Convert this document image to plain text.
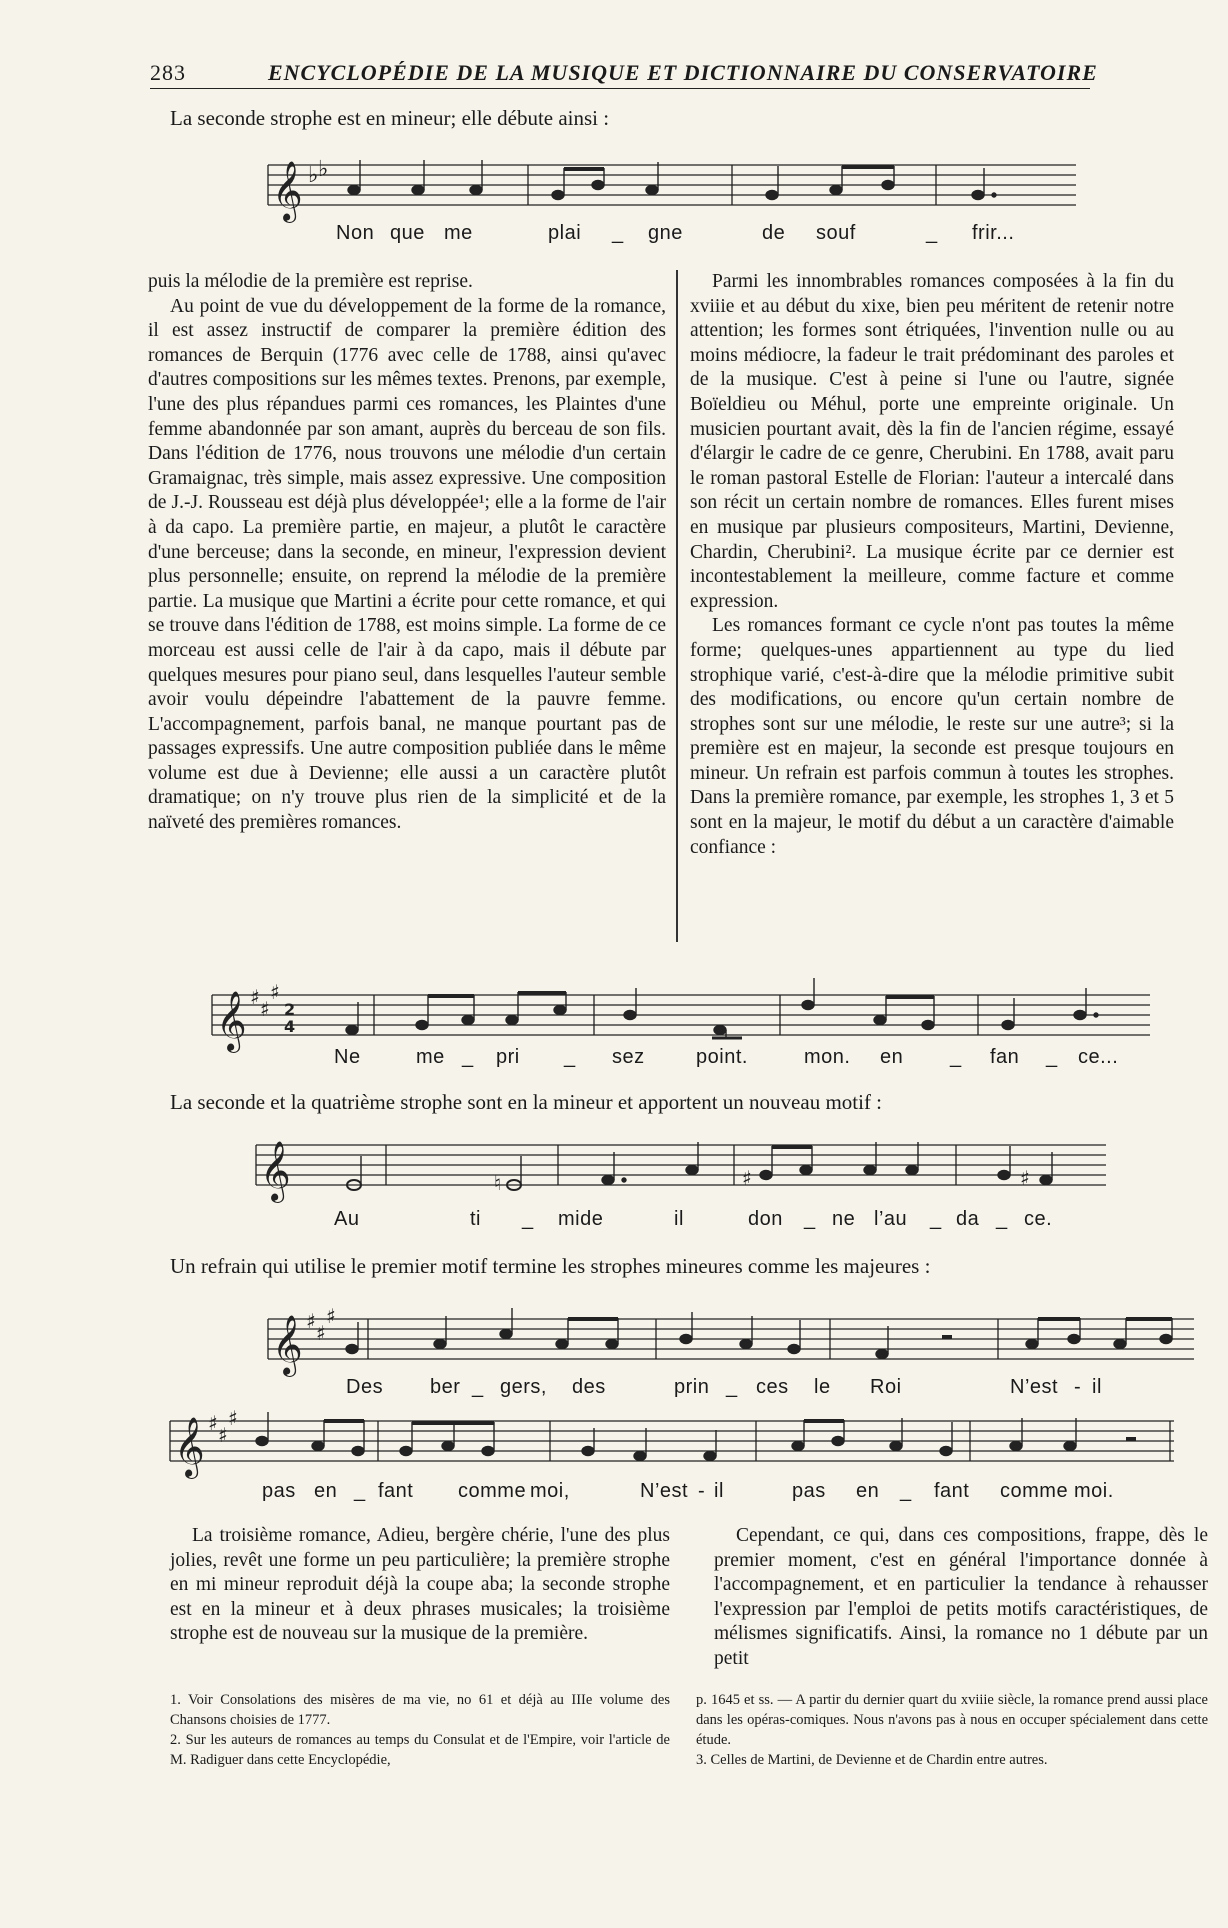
283	ENCYCLOPÉDIE DE LA MUSIQUE ET DICTIONNAIRE DU CONSERVATOIRE
La seconde strophe est en mineur; elle débute ainsi :
𝄞 ♭ ♭
Non que me	plai _ gne	de souf	_ frir...

puis la mélodie de la première est reprise.

Au point de vue du développement de la forme de la romance, il est assez instructif de comparer la première édition des romances de Berquin (1776 avec celle de 1788, ainsi qu'avec d'autres compositions sur les mêmes textes. Prenons, par exemple, l'une des plus répandues parmi ces romances, les Plaintes d'une femme abandonnée par son amant, auprès du berceau de son fils. Dans l'édition de 1776, nous trouvons une mélodie d'un certain Gramaignac, très simple, mais assez expressive. Une composition de J.-J. Rousseau est déjà plus développée¹; elle a la forme de l'air à da capo. La première partie, en majeur, a plutôt le caractère d'une berceuse; dans la seconde, en mineur, l'expression devient plus personnelle; ensuite, on reprend la mélodie de la première partie. La musique que Martini a écrite pour cette romance, et qui se trouve dans l'édition de 1788, est moins simple. La forme de ce morceau est aussi celle de l'air à da capo, mais il débute par quelques mesures pour piano seul, dans lesquelles l'auteur semble avoir voulu dépeindre l'abattement de la pauvre femme. L'accompagnement, parfois banal, ne manque pourtant pas de passages expressifs. Une autre composition publiée dans le même volume est due à Devienne; elle aussi a un caractère plutôt dramatique; on n'y trouve plus rien de la simplicité et de la naïveté des premières romances.

Parmi les innombrables romances composées à la fin du xviiie et au début du xixe, bien peu méritent de retenir notre attention; les formes sont étriquées, l'invention nulle ou au moins médiocre, la fadeur le trait prédominant des paroles et de la musique. C'est à peine si l'une ou l'autre, signée Boïeldieu ou Méhul, porte une empreinte originale. Un musicien pourtant avait, dès la fin de l'ancien régime, essayé d'élargir le cadre de ce genre, Cherubini. En 1788, avait paru le roman pastoral Estelle de Florian: l'auteur a intercalé dans son récit un certain nombre de romances. Elles furent mises en musique par plusieurs compositeurs, Martini, Devienne, Chardin, Cherubini². La musique écrite par ce dernier est incontestablement la meilleure, comme facture et comme expression.

Les romances formant ce cycle n'ont pas toutes la même forme; quelques-unes appartiennent au type du lied strophique varié, c'est-à-dire que la mélodie primitive subit des modifications, ou encore qu'un certain nombre de strophes sont sur une mélodie, le reste sur une autre³; si la première est en majeur, la seconde est presque toujours en mineur. Un refrain est parfois commun à toutes les strophes. Dans la première romance, par exemple, les strophes 1, 3 et 5 sont en la majeur, le motif du début a un caractère d'aimable confiance :

𝄞 ♯ ♯
♯
2
4
Ne	me _ pri _ sez	point.	mon. en _ fan _ ce...
La seconde et la quatrième strophe sont en la mineur et apportent un nouveau motif :
𝄞	♮	♯	♯
Au	ti _ mide	il	don _ ne l’au _ da _ ce.
Un refrain qui utilise le premier motif termine les strophes mineures comme les majeures :
𝄞 ♯ ♯
♯
Des ber _ gers, des	prin _ ces le Roi	N’est - il
𝄞 ♯ ♯
♯
pas en _ fant comme moi,	N’est - il	pas en _ fant comme moi.

La troisième romance, Adieu, bergère chérie, l'une des plus jolies, revêt une forme un peu particulière; la première strophe en mi mineur reproduit déjà la coupe aba; la seconde strophe est en la mineur et à deux phrases musicales; la troisième strophe est de nouveau sur la musique de la première.

Cependant, ce qui, dans ces compositions, frappe, dès le premier moment, c'est en général l'importance donnée à l'accompagnement, et en particulier la tendance à rehausser l'expression par l'emploi de petits motifs caractéristiques, de mélismes significatifs. Ainsi, la romance no 1 débute par un petit

1. Voir Consolations des misères de ma vie, no 61 et déjà au IIIe volume des Chansons choisies de 1777.
2. Sur les auteurs de romances au temps du Consulat et de l'Empire, voir l'article de M. Radiguer dans cette Encyclopédie,
p. 1645 et ss. — A partir du dernier quart du xviiie siècle, la romance prend aussi place dans les opéras-comiques. Nous n'avons pas à nous en occuper spécialement dans cette étude.
3. Celles de Martini, de Devienne et de Chardin entre autres.
